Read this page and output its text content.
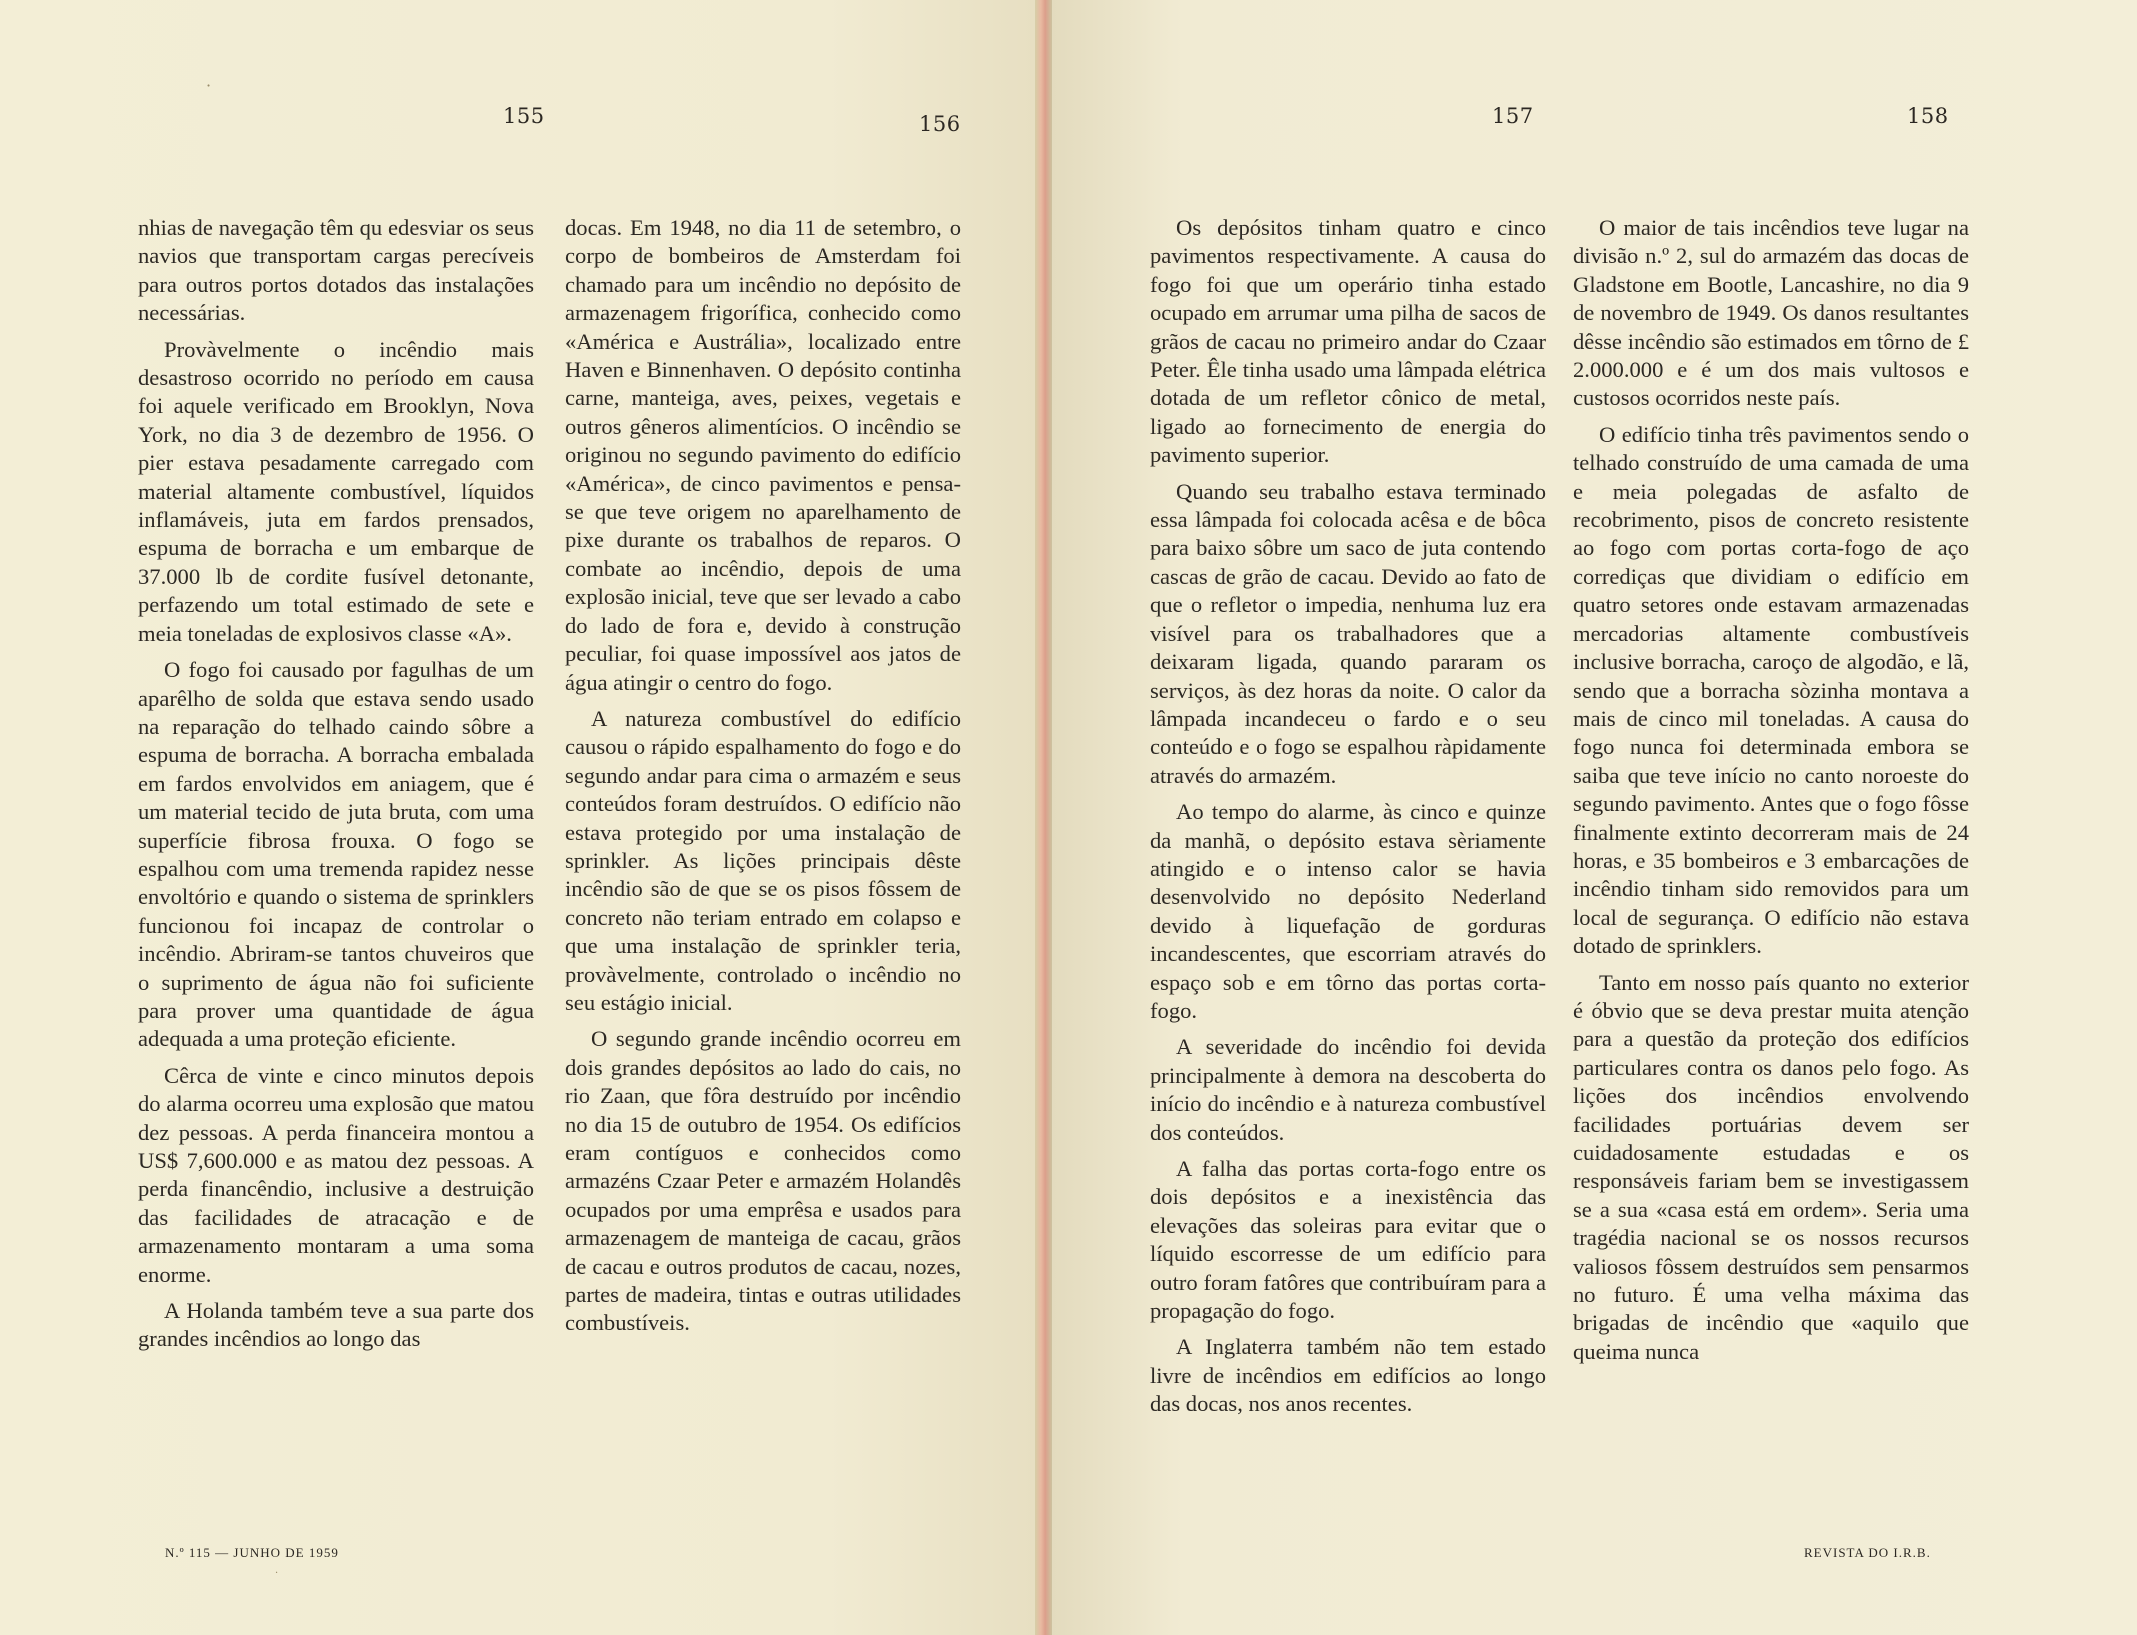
·
155	156

nhias de navegação têm qu edesviar os seus navios que transportam cargas perecíveis para outros portos dotados das instalações necessárias.

Provàvelmente o incêndio mais desastroso ocorrido no período em causa foi aquele verificado em Brooklyn, Nova York, no dia 3 de dezembro de 1956. O pier estava pesadamente carregado com material altamente combustível, líquidos inflamáveis, juta em fardos prensados, espuma de borracha e um embarque de 37.000 lb de cordite fusível detonante, perfazendo um total estimado de sete e meia toneladas de explosivos classe «A».

O fogo foi causado por fagulhas de um aparêlho de solda que estava sendo usado na reparação do telhado caindo sôbre a espuma de borracha. A borracha embalada em fardos envolvidos em aniagem, que é um material tecido de juta bruta, com uma superfície fibrosa frouxa. O fogo se espalhou com uma tremenda rapidez nesse envoltório e quando o sistema de sprinklers funcionou foi incapaz de controlar o incêndio. Abriram-se tantos chuveiros que o suprimento de água não foi suficiente para prover uma quantidade de água adequada a uma proteção eficiente.

Cêrca de vinte e cinco minutos depois do alarma ocorreu uma explosão que matou dez pessoas. A perda financeira montou a US$ 7,600.000 e as matou dez pessoas. A perda financêndio, inclusive a destruição das facilidades de atracação e de armazenamento montaram a uma soma enorme.

A Holanda também teve a sua parte dos grandes incêndios ao longo das

docas. Em 1948, no dia 11 de setembro, o corpo de bombeiros de Amsterdam foi chamado para um incêndio no depósito de armazenagem frigorífica, conhecido como «América e Austrália», localizado entre Haven e Binnenhaven. O depósito continha carne, manteiga, aves, peixes, vegetais e outros gêneros alimentícios. O incêndio se originou no segundo pavimento do edifício «América», de cinco pavimentos e pensa-se que teve origem no aparelhamento de pixe durante os trabalhos de reparos. O combate ao incêndio, depois de uma explosão inicial, teve que ser levado a cabo do lado de fora e, devido à construção peculiar, foi quase impossível aos jatos de água atingir o centro do fogo.

A natureza combustível do edifício causou o rápido espalhamento do fogo e do segundo andar para cima o armazém e seus conteúdos foram destruídos. O edifício não estava protegido por uma instalação de sprinkler. As lições principais dêste incêndio são de que se os pisos fôssem de concreto não teriam entrado em colapso e que uma instalação de sprinkler teria, provàvelmente, controlado o incêndio no seu estágio inicial.

O segundo grande incêndio ocorreu em dois grandes depósitos ao lado do cais, no rio Zaan, que fôra destruído por incêndio no dia 15 de outubro de 1954. Os edifícios eram contíguos e conhecidos como armazéns Czaar Peter e armazém Holandês ocupados por uma emprêsa e usados para armazenagem de manteiga de cacau, grãos de cacau e outros produtos de cacau, nozes, partes de madeira, tintas e outras utilidades combustíveis.

N.º 115 — JUNHO DE 1959
·
157	158

Os depósitos tinham quatro e cinco pavimentos respectivamente. A causa do fogo foi que um operário tinha estado ocupado em arrumar uma pilha de sacos de grãos de cacau no primeiro andar do Czaar Peter. Êle tinha usado uma lâmpada elétrica dotada de um refletor cônico de metal, ligado ao fornecimento de energia do pavimento superior.

Quando seu trabalho estava terminado essa lâmpada foi colocada acêsa e de bôca para baixo sôbre um saco de juta contendo cascas de grão de cacau. Devido ao fato de que o refletor o impedia, nenhuma luz era visível para os trabalhadores que a deixaram ligada, quando pararam os serviços, às dez horas da noite. O calor da lâmpada incandeceu o fardo e o seu conteúdo e o fogo se espalhou ràpidamente através do armazém.

Ao tempo do alarme, às cinco e quinze da manhã, o depósito estava sèriamente atingido e o intenso calor se havia desenvolvido no depósito Nederland devido à liquefação de gorduras incandescentes, que escorriam através do espaço sob e em tôrno das portas corta-fogo.

A severidade do incêndio foi devida principalmente à demora na descoberta do início do incêndio e à natureza combustível dos conteúdos.

A falha das portas corta-fogo entre os dois depósitos e a inexistência das elevações das soleiras para evitar que o líquido escorresse de um edifício para outro foram fatôres que contribuíram para a propagação do fogo.

A Inglaterra também não tem estado livre de incêndios em edifícios ao longo das docas, nos anos recentes.

O maior de tais incêndios teve lugar na divisão n.º 2, sul do armazém das docas de Gladstone em Bootle, Lancashire, no dia 9 de novembro de 1949. Os danos resultantes dêsse incêndio são estimados em tôrno de £ 2.000.000 e é um dos mais vultosos e custosos ocorridos neste país.

O edifício tinha três pavimentos sendo o telhado construído de uma camada de uma e meia polegadas de asfalto de recobrimento, pisos de concreto resistente ao fogo com portas corta-fogo de aço corrediças que dividiam o edifício em quatro setores onde estavam armazenadas mercadorias altamente combustíveis inclusive borracha, caroço de algodão, e lã, sendo que a borracha sòzinha montava a mais de cinco mil toneladas. A causa do fogo nunca foi determinada embora se saiba que teve início no canto noroeste do segundo pavimento. Antes que o fogo fôsse finalmente extinto decorreram mais de 24 horas, e 35 bombeiros e 3 embarcações de incêndio tinham sido removidos para um local de segurança. O edifício não estava dotado de sprinklers.

Tanto em nosso país quanto no exterior é óbvio que se deva prestar muita atenção para a questão da proteção dos edifícios particulares contra os danos pelo fogo. As lições dos incêndios envolvendo facilidades portuárias devem ser cuidadosamente estudadas e os responsáveis fariam bem se investigassem se a sua «casa está em ordem». Seria uma tragédia nacional se os nossos recursos valiosos fôssem destruídos sem pensarmos no futuro. É uma velha máxima das brigadas de incêndio que «aquilo que queima nunca

REVISTA DO I.R.B.
